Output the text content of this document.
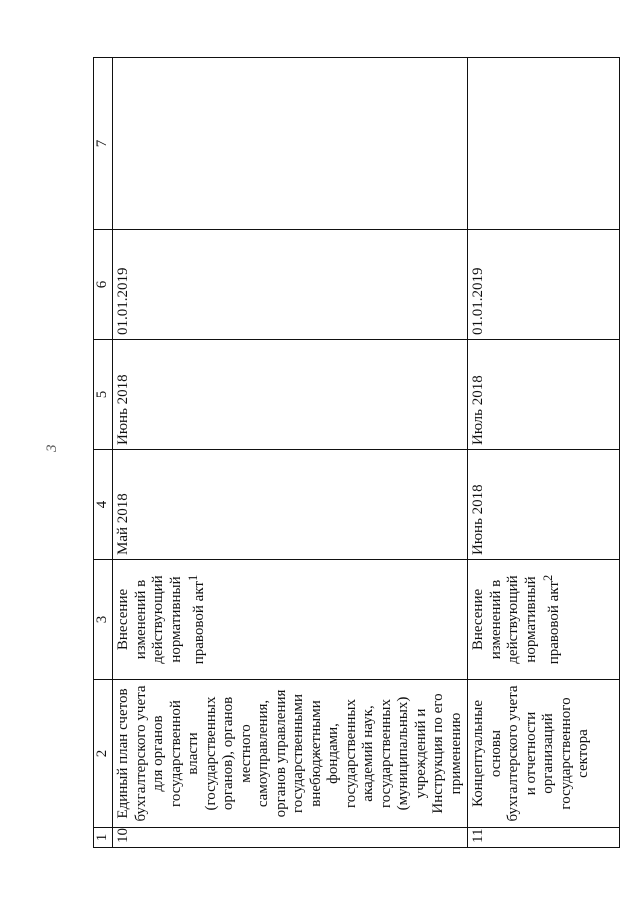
3
1	2	3	4	5	6	7
10	Единый план счетов бухгалтерского учета для органов государственной власти (государственных органов), органов местного самоуправления, органов управления государственными внебюджетными фондами, государственных академий наук, государственных (муниципальных) учреждений и Инструкция по его применению	Внесение изменений в действующий нормативный правовой акт$^1$	Май 2018	Июнь 2018	01.01.2019	
11	Концептуальные основы бухгалтерского учета и отчетности организаций государственного сектора	Внесение изменений в действующий нормативный правовой акт$^2$	Июнь 2018	Июль 2018	01.01.2019	
